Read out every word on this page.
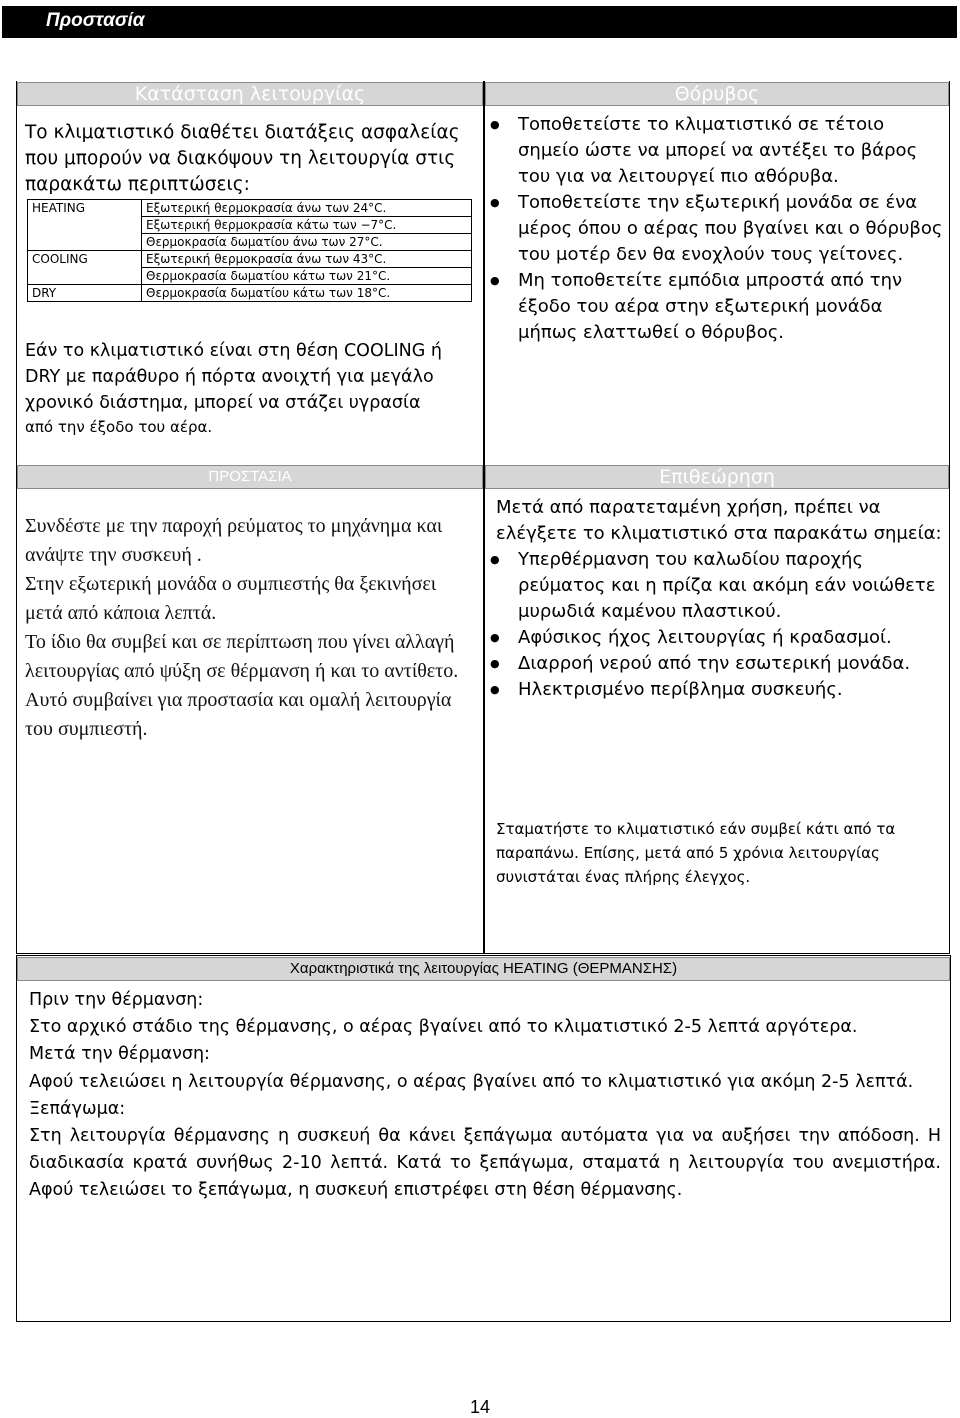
Προστασία
Κατάσταση λειτουργίας
Το κλιματιστικό διαθέτει διατάξεις ασφαλείας που μπορούν να διακόψουν τη λειτουργία στις παρακάτω περιπτώσεις:
HEATING	Εξωτερική θερμοκρασία άνω των 24°C.
	Εξωτερική θερμοκρασία κάτω των −7°C.
	Θερμοκρασία δωματίου άνω των 27°C.
COOLING	Εξωτερική θερμοκρασία άνω των 43°C.
	Θερμοκρασία δωματίου κάτω των 21°C.
DRY	Θερμοκρασία δωματίου κάτω των 18°C.
Εάν το κλιματιστικό είναι στη θέση COOLING ή DRY με παράθυρο ή πόρτα ανοιχτή για μεγάλο χρονικό διάστημα, μπορεί να στάζει υγρασία
από την έξοδο του αέρα.
Θόρυβος
● Τοποθετείστε το κλιματιστικό σε τέτοιο σημείο ώστε να μπορεί να αντέξει το βάρος του για να λειτουργεί πιο αθόρυβα.
● Τοποθετείστε την εξωτερική μονάδα σε ένα μέρος όπου ο αέρας που βγαίνει και ο θόρυβος του μοτέρ δεν θα ενοχλούν τους γείτονες.
● Μη τοποθετείτε εμπόδια μπροστά από την έξοδο του αέρα στην εξωτερική μονάδα μήπως ελαττωθεί ο θόρυβος.
ΠΡΟΣΤΑΣΙΑ
Συνδέστε με την παροχή ρεύματος το μηχάνημα και ανάψτε την συσκευή .
Στην εξωτερική μονάδα ο συμπιεστής θα ξεκινήσει μετά από κάποια λεπτά.
Το ίδιο θα συμβεί και σε περίπτωση που γίνει αλλαγή λειτουργίας από ψύξη σε θέρμανση ή και το αντίθετο.
Αυτό συμβαίνει για προστασία και ομαλή λειτουργία του συμπιεστή.
Επιθεώρηση
Μετά από παρατεταμένη χρήση, πρέπει να ελέγξετε το κλιματιστικό στα παρακάτω σημεία:
● Υπερθέρμανση του καλωδίου παροχής ρεύματος και η πρίζα και ακόμη εάν νοιώθετε μυρωδιά καμένου πλαστικού.
● Αφύσικος ήχος λειτουργίας ή κραδασμοί.
● Διαρροή νερού από την εσωτερική μονάδα.
● Ηλεκτρισμένο περίβλημα συσκευής.
Σταματήστε το κλιματιστικό εάν συμβεί κάτι από τα παραπάνω. Επίσης, μετά από 5 χρόνια λειτουργίας συνιστάται ένας πλήρης έλεγχος.
Χαρακτηριστικά της λειτουργίας HEATING (ΘΕΡΜΑΝΣΗΣ)
Πριν την θέρμανση:
Στο αρχικό στάδιο της θέρμανσης, ο αέρας βγαίνει από το κλιματιστικό 2-5 λεπτά αργότερα.
Μετά την θέρμανση:
Αφού τελειώσει η λειτουργία θέρμανσης, ο αέρας βγαίνει από το κλιματιστικό για ακόμη 2-5 λεπτά.
Ξεπάγωμα:
Στη λειτουργία θέρμανσης η συσκευή θα κάνει ξεπάγωμα αυτόματα για να αυξήσει την απόδοση. Η διαδικασία κρατά συνήθως 2-10 λεπτά. Κατά το ξεπάγωμα, σταματά η λειτουργία του ανεμιστήρα. Αφού τελειώσει το ξεπάγωμα, η συσκευή επιστρέφει στη θέση θέρμανσης.
14
